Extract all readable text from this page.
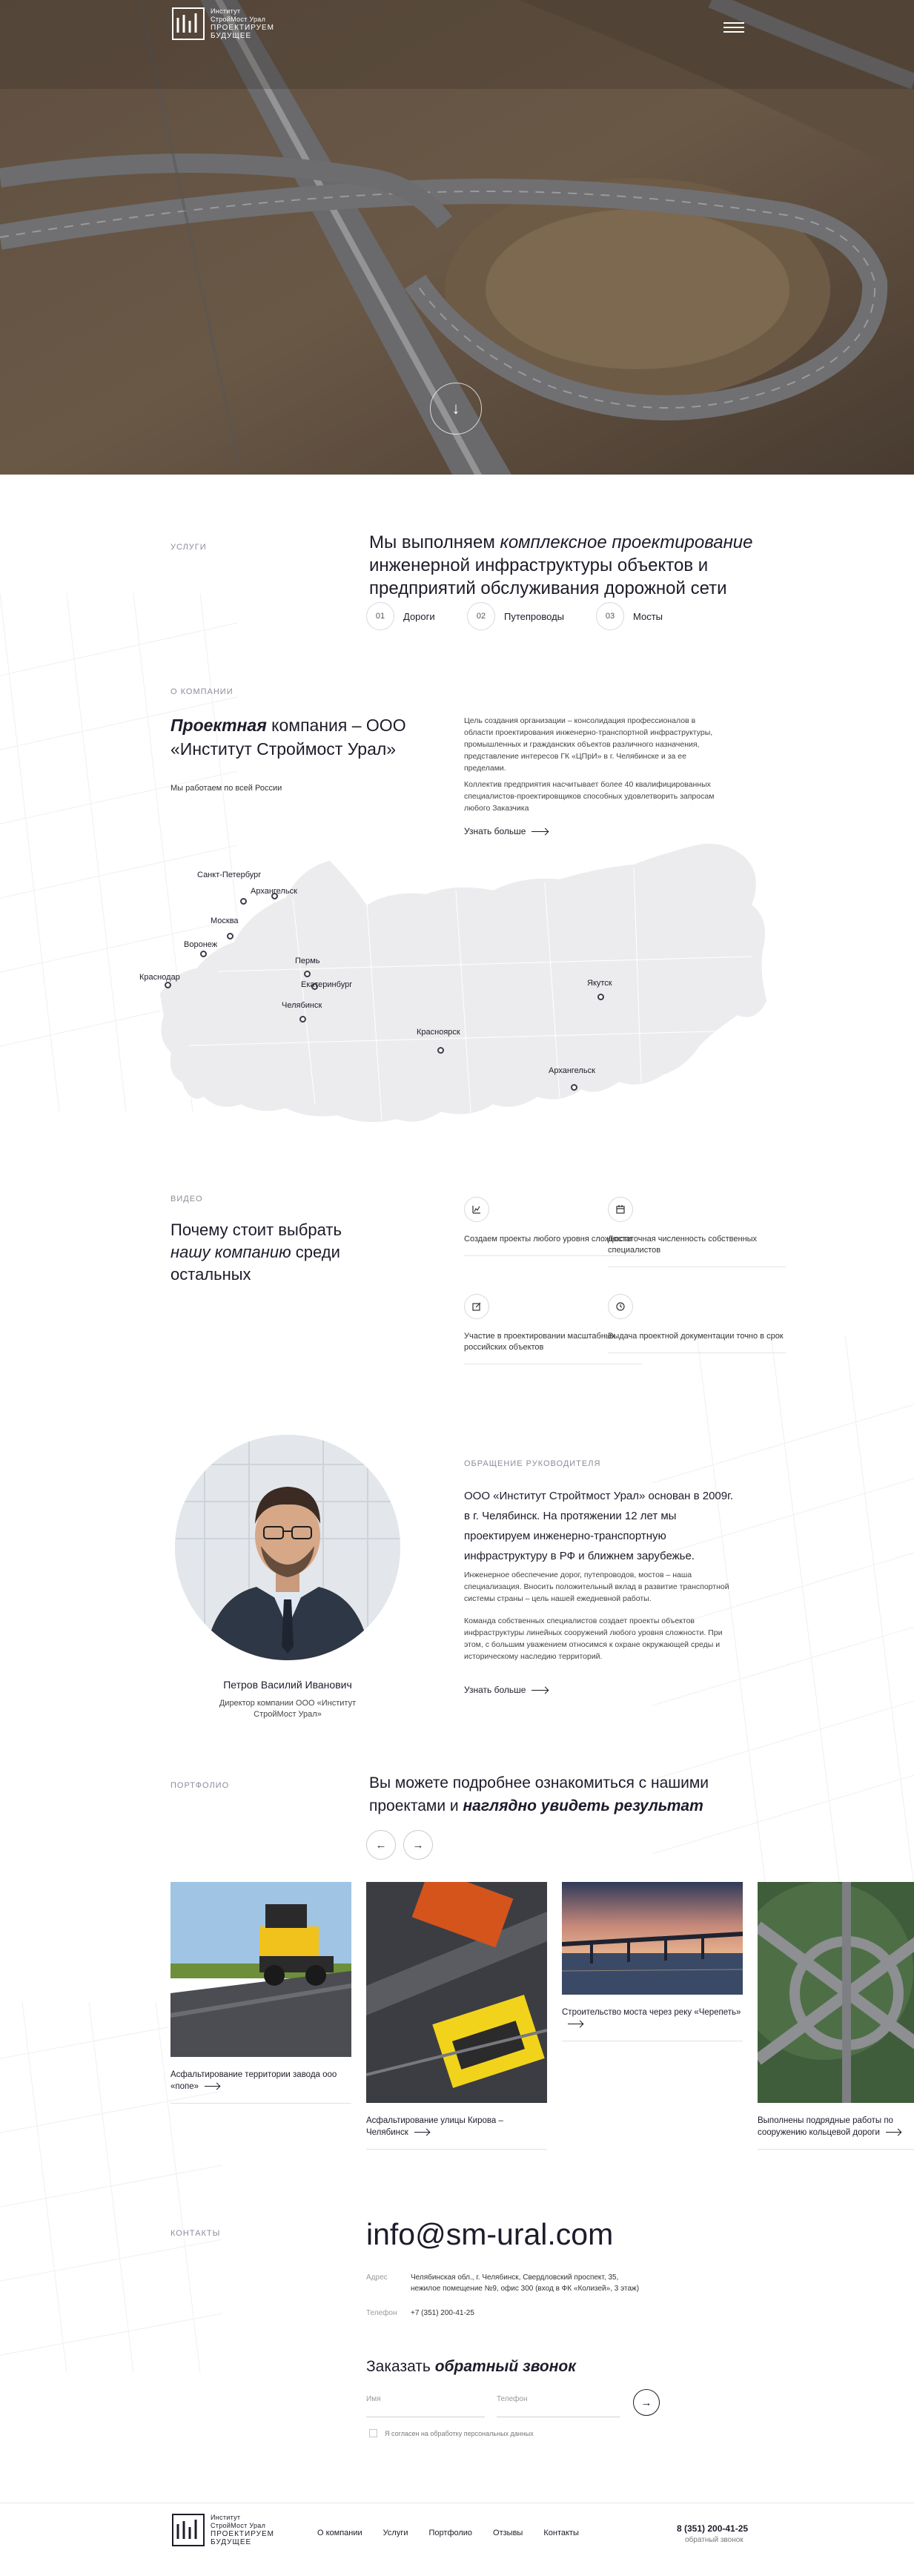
Институт
СтройМост Урал
ПРОЕКТИРУЕМ
БУДУЩЕЕ
↓
УСЛУГИ	Мы выполняем комплексное проектирование инженерной инфраструктуры объектов и предприятий обслуживания дорожной сети
01	Дороги	02	Путепроводы	03	Мосты
О КОМПАНИИ
Проектная компания – ООО «Институт Строймост Урал»
Мы работаем по всей России
Цель создания организации – консолидация профессионалов в области проектирования инженерно-транспортной инфраструктуры, промышленных и гражданских объектов различного назначения, представление интересов ГК «ЦПрИ» в г. Челябинске и за ее пределами.
Коллектив предприятия насчитывает более 40 квалифицированных специалистов-проектировщиков способных удовлетворить запросам любого Заказчика
Узнать больше
Санкт-Петербург
Архангельск
Москва
Воронеж
Краснодар
Пермь
Екатеринбург
Челябинск
Красноярск
Якутск
Архангельск
ВИДЕО
Почему стоит выбрать нашу компанию среди остальных
Создаем проекты любого уровня сложности
Достаточная численность собственных специалистов
Участие в проектировании масштабных российских объектов
Выдача проектной документации точно в срок
Петров Василий Иванович
Директор компании ООО «Институт СтройМост Урал»
ОБРАЩЕНИЕ РУКОВОДИТЕЛЯ
ООО «Институт Стройтмост Урал» основан в 2009г. в г. Челябинск. На протяжении 12 лет мы проектируем инженерно-транспортную инфраструктуру в РФ и ближнем зарубежье.
Инженерное обеспечение дорог, путепроводов, мостов – наша специализация. Вносить положительный вклад в развитие транспортной системы страны – цель нашей ежедневной работы.
Команда собственных специалистов создает проекты объектов инфраструктуры линейных сооружений любого уровня сложности. При этом, с большим уважением относимся к охране окружающей среды и историческому наследию территорий.
Узнать больше
ПОРТФОЛИО	Вы можете подробнее ознакомиться с нашими проектами и наглядно увидеть результат
←	→
Асфальтирование территории завода ооо «попе»
Асфальтирование улицы Кирова – Челябинск
Строительство моста через реку «Черепеть»
Выполнены подрядные работы по сооружению кольцевой дороги
КОНТАКТЫ	info@sm-ural.com
Адрес	Челябинская обл., г. Челябинск, Свердловский проспект, 35,
нежилое помещение №9, офис 300 (вход в ФК «Колизей», 3 этаж)
Телефон	+7 (351) 200-41-25
Заказать обратный звонок
Имя
Телефон
→
Я согласен на обработку персональных данных
Институт
СтройМост Урал
ПРОЕКТИРУЕМ
БУДУЩЕЕ
О компании	Услуги	Портфолио	Отзывы	Контакты	8 (351) 200-41-25
обратный звонок
